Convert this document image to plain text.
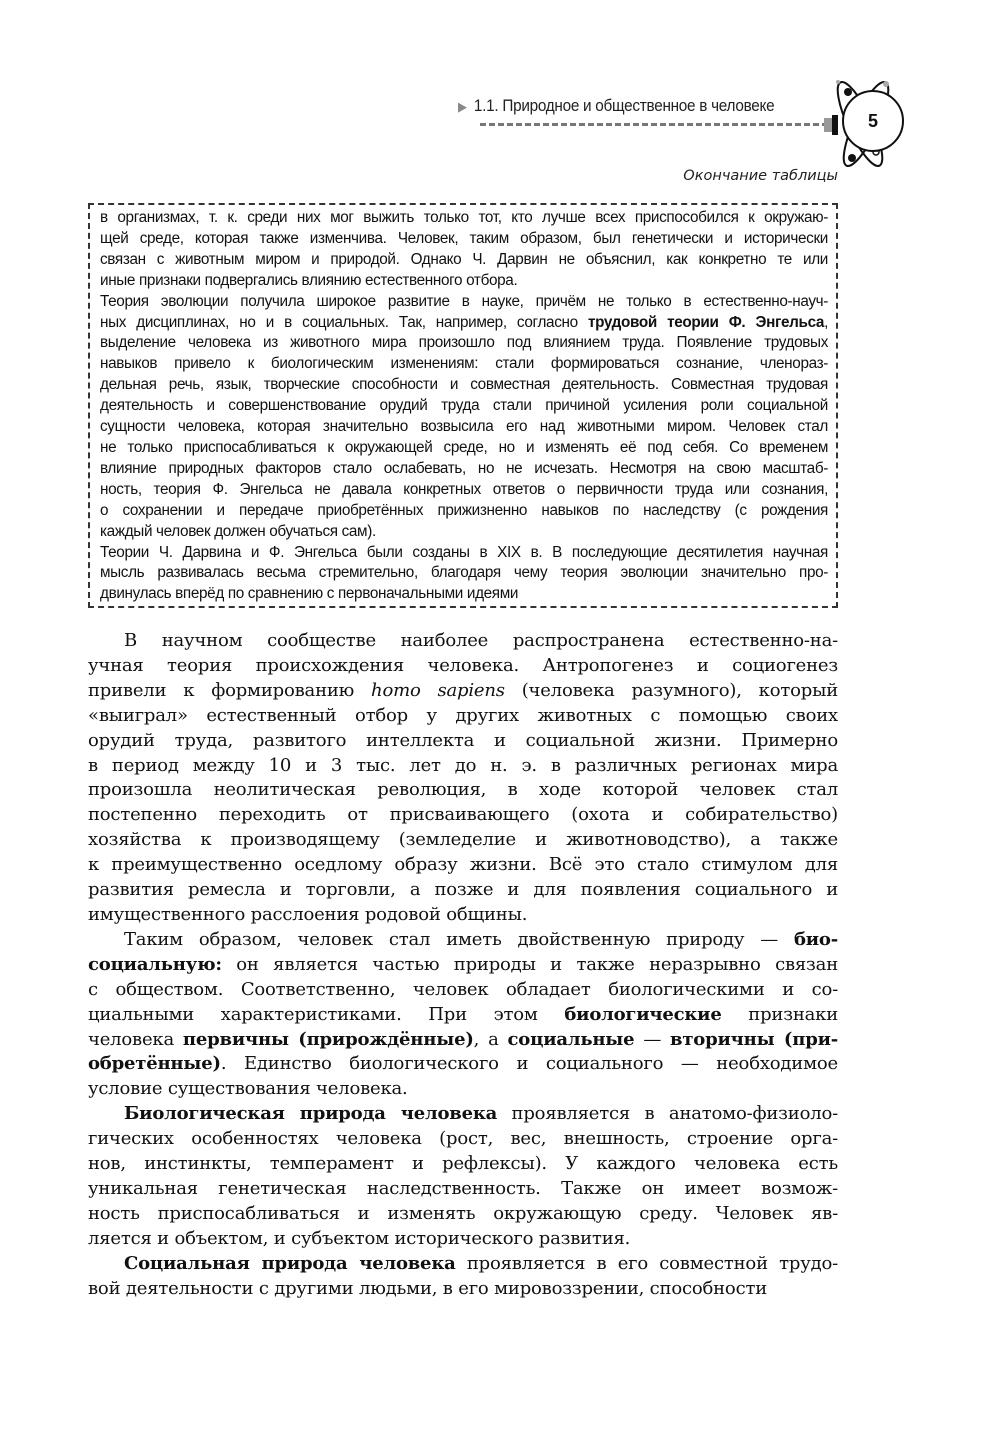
▶ 1.1. Природное и общественное в человеке
5
Окончание таблицы
в организмах, т. к. среди них мог выжить только тот, кто лучше всех приспособился к окружаю-
щей среде, которая также изменчива. Человек, таким образом, был генетически и исторически
связан с животным миром и природой. Однако Ч. Дарвин не объяснил, как конкретно те или
иные признаки подвергались влиянию естественного отбора.
Теория эволюции получила широкое развитие в науке, причём не только в естественно-науч-
ных дисциплинах, но и в социальных. Так, например, согласно трудовой теории Ф. Энгельса,
выделение человека из животного мира произошло под влиянием труда. Появление трудовых
навыков привело к биологическим изменениям: стали формироваться сознание, членораз-
дельная речь, язык, творческие способности и совместная деятельность. Совместная трудовая
деятельность и совершенствование орудий труда стали причиной усиления роли социальной
сущности человека, которая значительно возвысила его над животными миром. Человек стал
не только приспосабливаться к окружающей среде, но и изменять её под себя. Со временем
влияние природных факторов стало ослабевать, но не исчезать. Несмотря на свою масштаб-
ность, теория Ф. Энгельса не давала конкретных ответов о первичности труда или сознания,
о сохранении и передаче приобретённых прижизненно навыков по наследству (с рождения
каждый человек должен обучаться сам).
Теории Ч. Дарвина и Ф. Энгельса были созданы в XIX в. В последующие десятилетия научная
мысль развивалась весьма стремительно, благодаря чему теория эволюции значительно про-
двинулась вперёд по сравнению с первоначальными идеями
В научном сообществе наиболее распространена естественно-на-
учная теория происхождения человека. Антропогенез и социогенез
привели к формированию homo sapiens (человека разумного), который
«выиграл» естественный отбор у других животных с помощью своих
орудий труда, развитого интеллекта и социальной жизни. Примерно
в период между 10 и 3 тыс. лет до н. э. в различных регионах мира
произошла неолитическая революция, в ходе которой человек стал
постепенно переходить от присваивающего (охота и собирательство)
хозяйства к производящему (земледелие и животноводство), а также
к преимущественно оседлому образу жизни. Всё это стало стимулом для
развития ремесла и торговли, а позже и для появления социального и
имущественного расслоения родовой общины.
Таким образом, человек стал иметь двойственную природу — био-
социальную: он является частью природы и также неразрывно связан
с обществом. Соответственно, человек обладает биологическими и со-
циальными характеристиками. При этом биологические признаки
человека первичны (прирождённые), а социальные — вторичны (при-
обретённые). Единство биологического и социального — необходимое
условие существования человека.
Биологическая природа человека проявляется в анатомо-физиоло-
гических особенностях человека (рост, вес, внешность, строение орга-
нов, инстинкты, темперамент и рефлексы). У каждого человека есть
уникальная генетическая наследственность. Также он имеет возмож-
ность приспосабливаться и изменять окружающую среду. Человек яв-
ляется и объектом, и субъектом исторического развития.
Социальная природа человека проявляется в его совместной трудо-
вой деятельности с другими людьми, в его мировоззрении, способности
